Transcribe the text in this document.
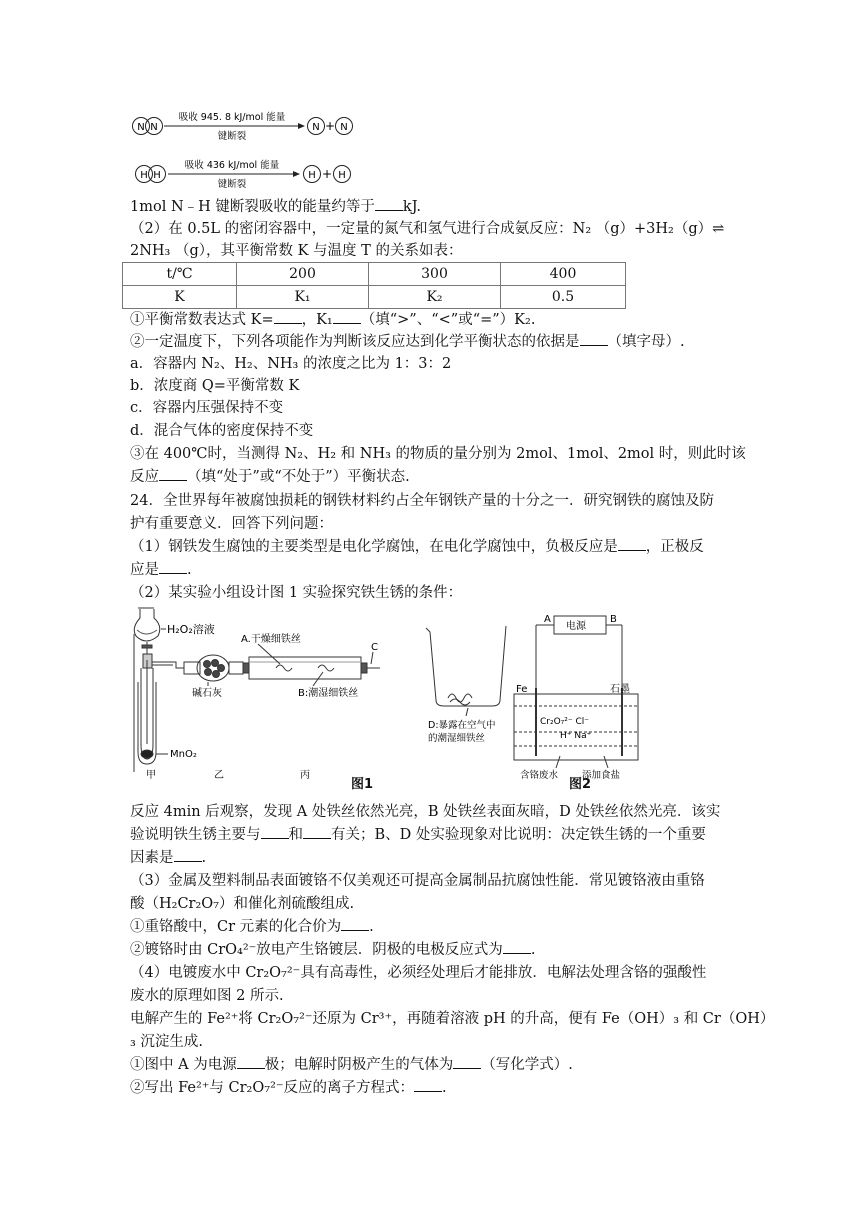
N N
吸收 945. 8 kJ/mol 能量
键断裂
N + N
H H
吸收 436 kJ/mol 能量
键断裂
H + H
1mol N﹣H 键断裂吸收的能量约等于 kJ.
（2）在 0.5L 的密闭容器中，一定量的氮气和氢气进行合成氨反应：N₂ （g）+3H₂（g）⇌
2NH₃ （g），其平衡常数 K 与温度 T 的关系如表：
t/℃	200	300	400
K	K₁	K₂	0.5
①平衡常数表达式 K= ，K₁ （填“>”、“<”或“=”）K₂.
②一定温度下，下列各项能作为判断该反应达到化学平衡状态的依据是 （填字母）.
a．容器内 N₂、H₂、NH₃ 的浓度之比为 1：3：2
b．浓度商 Q=平衡常数 K
c．容器内压强保持不变
d．混合气体的密度保持不变
③在 400℃时，当测得 N₂、H₂ 和 NH₃ 的物质的量分别为 2mol、1mol、2mol 时，则此时该
反应 （填“处于”或“不处于”）平衡状态.
24．全世界每年被腐蚀损耗的钢铁材料约占全年钢铁产量的十分之一．研究钢铁的腐蚀及防
护有重要意义．回答下列问题：
（1）钢铁发生腐蚀的主要类型是电化学腐蚀，在电化学腐蚀中，负极反应是 ，正极反
应是 .
（2）某实验小组设计图 1 实验探究铁生锈的条件：
H₂O₂溶液
MnO₂
碱石灰
A.干燥细铁丝
C
B:潮湿细铁丝
甲	乙	丙
D:暴露在空气中
的潮湿细铁丝
A	B
电源
Fe	石墨
Cr₂O₇²⁻ Cl⁻
H⁺ Na⁺
含铬废水	添加食盐
图1	图2
反应 4min 后观察，发现 A 处铁丝依然光亮，B 处铁丝表面灰暗，D 处铁丝依然光亮．该实
验说明铁生锈主要与 和 有关；B、D 处实验现象对比说明：决定铁生锈的一个重要
因素是 .
（3）金属及塑料制品表面镀铬不仅美观还可提高金属制品抗腐蚀性能．常见镀铬液由重铬
酸（H₂Cr₂O₇）和催化剂硫酸组成.
①重铬酸中，Cr 元素的化合价为 .
②镀铬时由 CrO₄²⁻放电产生铬镀层．阴极的电极反应式为 .
（4）电镀废水中 Cr₂O₇²⁻具有高毒性，必须经处理后才能排放．电解法处理含铬的强酸性
废水的原理如图 2 所示.
电解产生的 Fe²⁺将 Cr₂O₇²⁻还原为 Cr³⁺，再随着溶液 pH 的升高，便有 Fe（OH）₃ 和 Cr（OH）
₃ 沉淀生成.
①图中 A 为电源 极；电解时阴极产生的气体为 （写化学式）.
②写出 Fe²⁺与 Cr₂O₇²⁻反应的离子方程式： .
